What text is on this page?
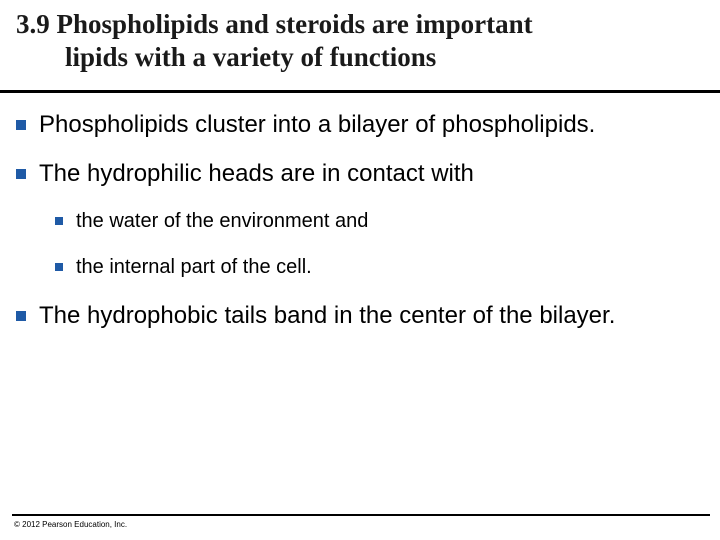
3.9 Phospholipids and steroids are important
lipids with a variety of functions
Phospholipids cluster into a bilayer of phospholipids.
The hydrophilic heads are in contact with
the water of the environment and
the internal part of the cell.
The hydrophobic tails band in the center of the bilayer.
© 2012 Pearson Education, Inc.
